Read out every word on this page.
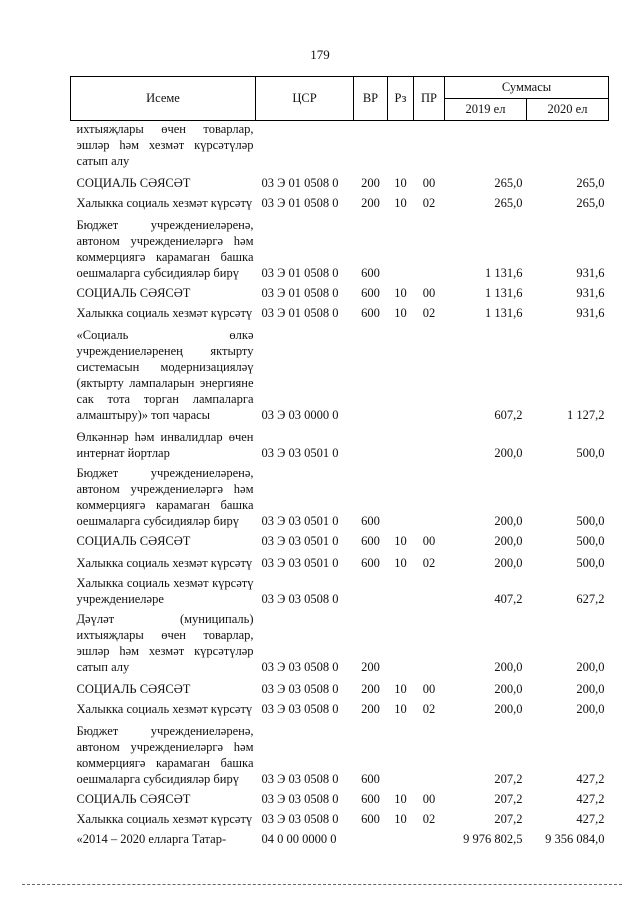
179
Исеме	ЦСР	ВР	Рз	ПР	Суммасы	
					2019 ел	2020 ел
ихтыяҗлары өчен товарлар, эшләр һәм хезмәт күрсәтүләр сатып алу						
СОЦИАЛЬ СӘЯСӘТ	03 Э 01 0508 0	200	10	00	265,0	265,0
Халыкка социаль хезмәт күрсәтү	03 Э 01 0508 0	200	10	02	265,0	265,0
Бюджет учреждениеләренә, автоном учреждениеләргә һәм коммерциягә карамаган башка оешмаларга субсидияләр бирү	03 Э 01 0508 0	600			1 131,6	931,6
СОЦИАЛЬ СӘЯСӘТ	03 Э 01 0508 0	600	10	00	1 131,6	931,6
Халыкка социаль хезмәт күрсәтү	03 Э 01 0508 0	600	10	02	1 131,6	931,6
«Социаль өлкә учреждениеләренең яктырту системасын модернизацияләү (яктырту лампаларын энергияне сак тота торган лампаларга алмаштыру)» топ чарасы	03 Э 03 0000 0				607,2	1 127,2
Өлкәннәр һәм инвалидлар өчен интернат йортлар	03 Э 03 0501 0				200,0	500,0
Бюджет учреждениеләренә, автоном учреждениеләргә һәм коммерциягә карамаган башка оешмаларга субсидияләр бирү	03 Э 03 0501 0	600			200,0	500,0
СОЦИАЛЬ СӘЯСӘТ	03 Э 03 0501 0	600	10	00	200,0	500,0
Халыкка социаль хезмәт күрсәтү	03 Э 03 0501 0	600	10	02	200,0	500,0
Халыкка социаль хезмәт күрсәтү учреждениеләре	03 Э 03 0508 0				407,2	627,2
Дәүләт (муниципаль) ихтыяҗлары өчен товарлар, эшләр һәм хезмәт күрсәтүләр сатып алу	03 Э 03 0508 0	200			200,0	200,0
СОЦИАЛЬ СӘЯСӘТ	03 Э 03 0508 0	200	10	00	200,0	200,0
Халыкка социаль хезмәт күрсәтү	03 Э 03 0508 0	200	10	02	200,0	200,0
Бюджет учреждениеләренә, автоном учреждениеләргә һәм коммерциягә карамаган башка оешмаларга субсидияләр бирү	03 Э 03 0508 0	600			207,2	427,2
СОЦИАЛЬ СӘЯСӘТ	03 Э 03 0508 0	600	10	00	207,2	427,2
Халыкка социаль хезмәт күрсәтү	03 Э 03 0508 0	600	10	02	207,2	427,2
«2014 – 2020 елларга Татар-	04 0 00 0000 0				9 976 802,5	9 356 084,0
